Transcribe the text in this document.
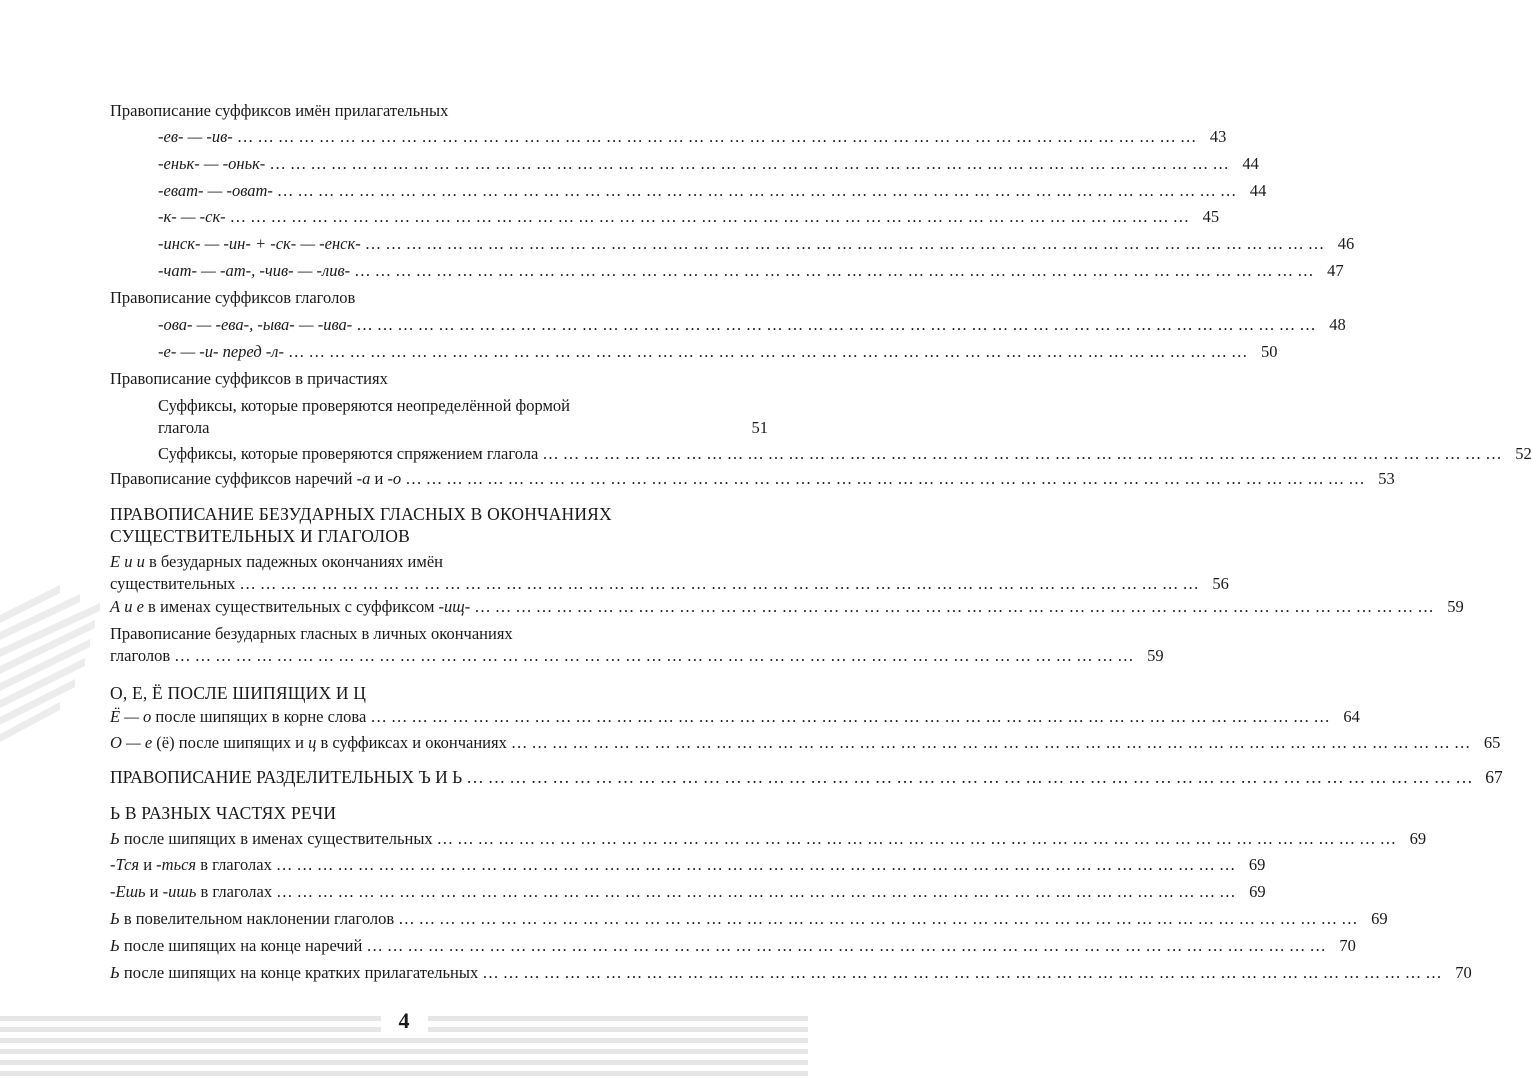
Правописание суффиксов имён прилагательных
-ев- — -ив- …………………………………………………………………………………………………………………………… 43
-еньк- — -оньк- …………………………………………………………………………………………………………………………… 44
-еват- — -оват- …………………………………………………………………………………………………………………………… 44
-к- — -ск- …………………………………………………………………………………………………………………………… 45
-инск- — -ин- + -ск- — -енск- …………………………………………………………………………………………………………………………… 46
-чат- — -ат-, -чив- — -лив- …………………………………………………………………………………………………………………………… 47
Правописание суффиксов глаголов
-ова- — -ева-, -ыва- — -ива- …………………………………………………………………………………………………………………………… 48
-е- — -и- перед -л- …………………………………………………………………………………………………………………………… 50
Правописание суффиксов в причастиях
Суффиксы, которые проверяются неопределённой формой
глагола	51
Суффиксы, которые проверяются спряжением глагола …………………………………………………………………………………………………………………………… 52
Правописание суффиксов наречий -а и -о …………………………………………………………………………………………………………………………… 53
ПРАВОПИСАНИЕ БЕЗУДАРНЫХ ГЛАСНЫХ В ОКОНЧАНИЯХ
СУЩЕСТВИТЕЛЬНЫХ И ГЛАГОЛОВ
Е и и в безударных падежных окончаниях имён
существительных …………………………………………………………………………………………………………………………… 56
А и е в именах существительных с суффиксом -ищ- …………………………………………………………………………………………………………………………… 59
Правописание безударных гласных в личных окончаниях
глаголов …………………………………………………………………………………………………………………………… 59
О, Е, Ё ПОСЛЕ ШИПЯЩИХ И Ц
Ё — о после шипящих в корне слова …………………………………………………………………………………………………………………………… 64
О — е (ё) после шипящих и ц в суффиксах и окончаниях …………………………………………………………………………………………………………………………… 65
ПРАВОПИСАНИЕ РАЗДЕЛИТЕЛЬНЫХ Ъ И Ь …………………………………………………………………………………………………………………………… 67
Ь В РАЗНЫХ ЧАСТЯХ РЕЧИ
Ь после шипящих в именах существительных …………………………………………………………………………………………………………………………… 69
-Тся и -ться в глаголах …………………………………………………………………………………………………………………………… 69
-Ешь и -ишь в глаголах …………………………………………………………………………………………………………………………… 69
Ь в повелительном наклонении глаголов …………………………………………………………………………………………………………………………… 69
Ь после шипящих на конце наречий …………………………………………………………………………………………………………………………… 70
Ь после шипящих на конце кратких прилагательных …………………………………………………………………………………………………………………………… 70
4
